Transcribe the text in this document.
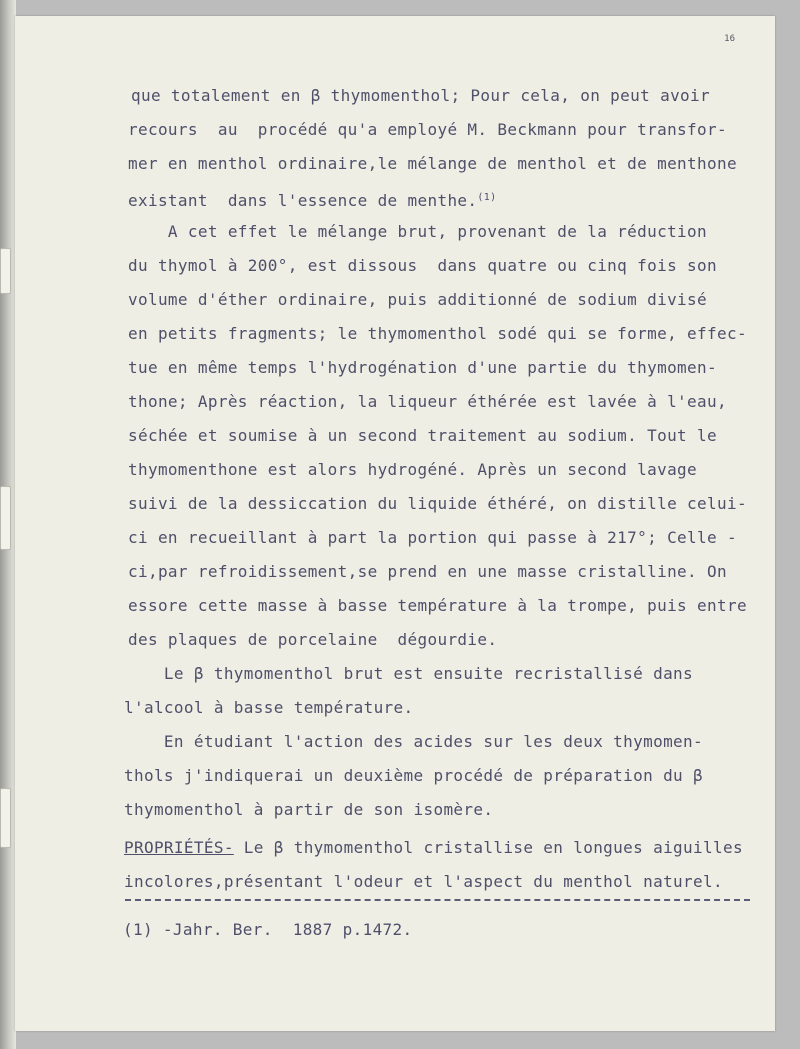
16
que totalement en β thymomenthol; Pour cela, on peut avoir
recours  au  procédé qu'a employé M. Beckmann pour transfor-
mer en menthol ordinaire,le mélange de menthol et de menthone
existant  dans l'essence de menthe.$^{(1)}$
A cet effet le mélange brut, provenant de la réduction
du thymol à 200°, est dissous  dans quatre ou cinq fois son
volume d'éther ordinaire, puis additionné de sodium divisé
en petits fragments; le thymomenthol sodé qui se forme, effec-
tue en même temps l'hydrogénation d'une partie du thymomen-
thone; Après réaction, la liqueur éthérée est lavée à l'eau,
séchée et soumise à un second traitement au sodium. Tout le
thymomenthone est alors hydrogéné. Après un second lavage
suivi de la dessiccation du liquide éthéré, on distille celui-
ci en recueillant à part la portion qui passe à 217°; Celle -
ci,par refroidissement,se prend en une masse cristalline. On
essore cette masse à basse température à la trompe, puis entre
des plaques de porcelaine  dégourdie.
Le β thymomenthol brut est ensuite recristallisé dans
l'alcool à basse température.
En étudiant l'action des acides sur les deux thymomen-
thols j'indiquerai un deuxième procédé de préparation du β
thymomenthol à partir de son isomère.
PROPRIÉTÉS- Le β thymomenthol cristallise en longues aiguilles
incolores,présentant l'odeur et l'aspect du menthol naturel.
(1) -Jahr. Ber.  1887 p.1472.
